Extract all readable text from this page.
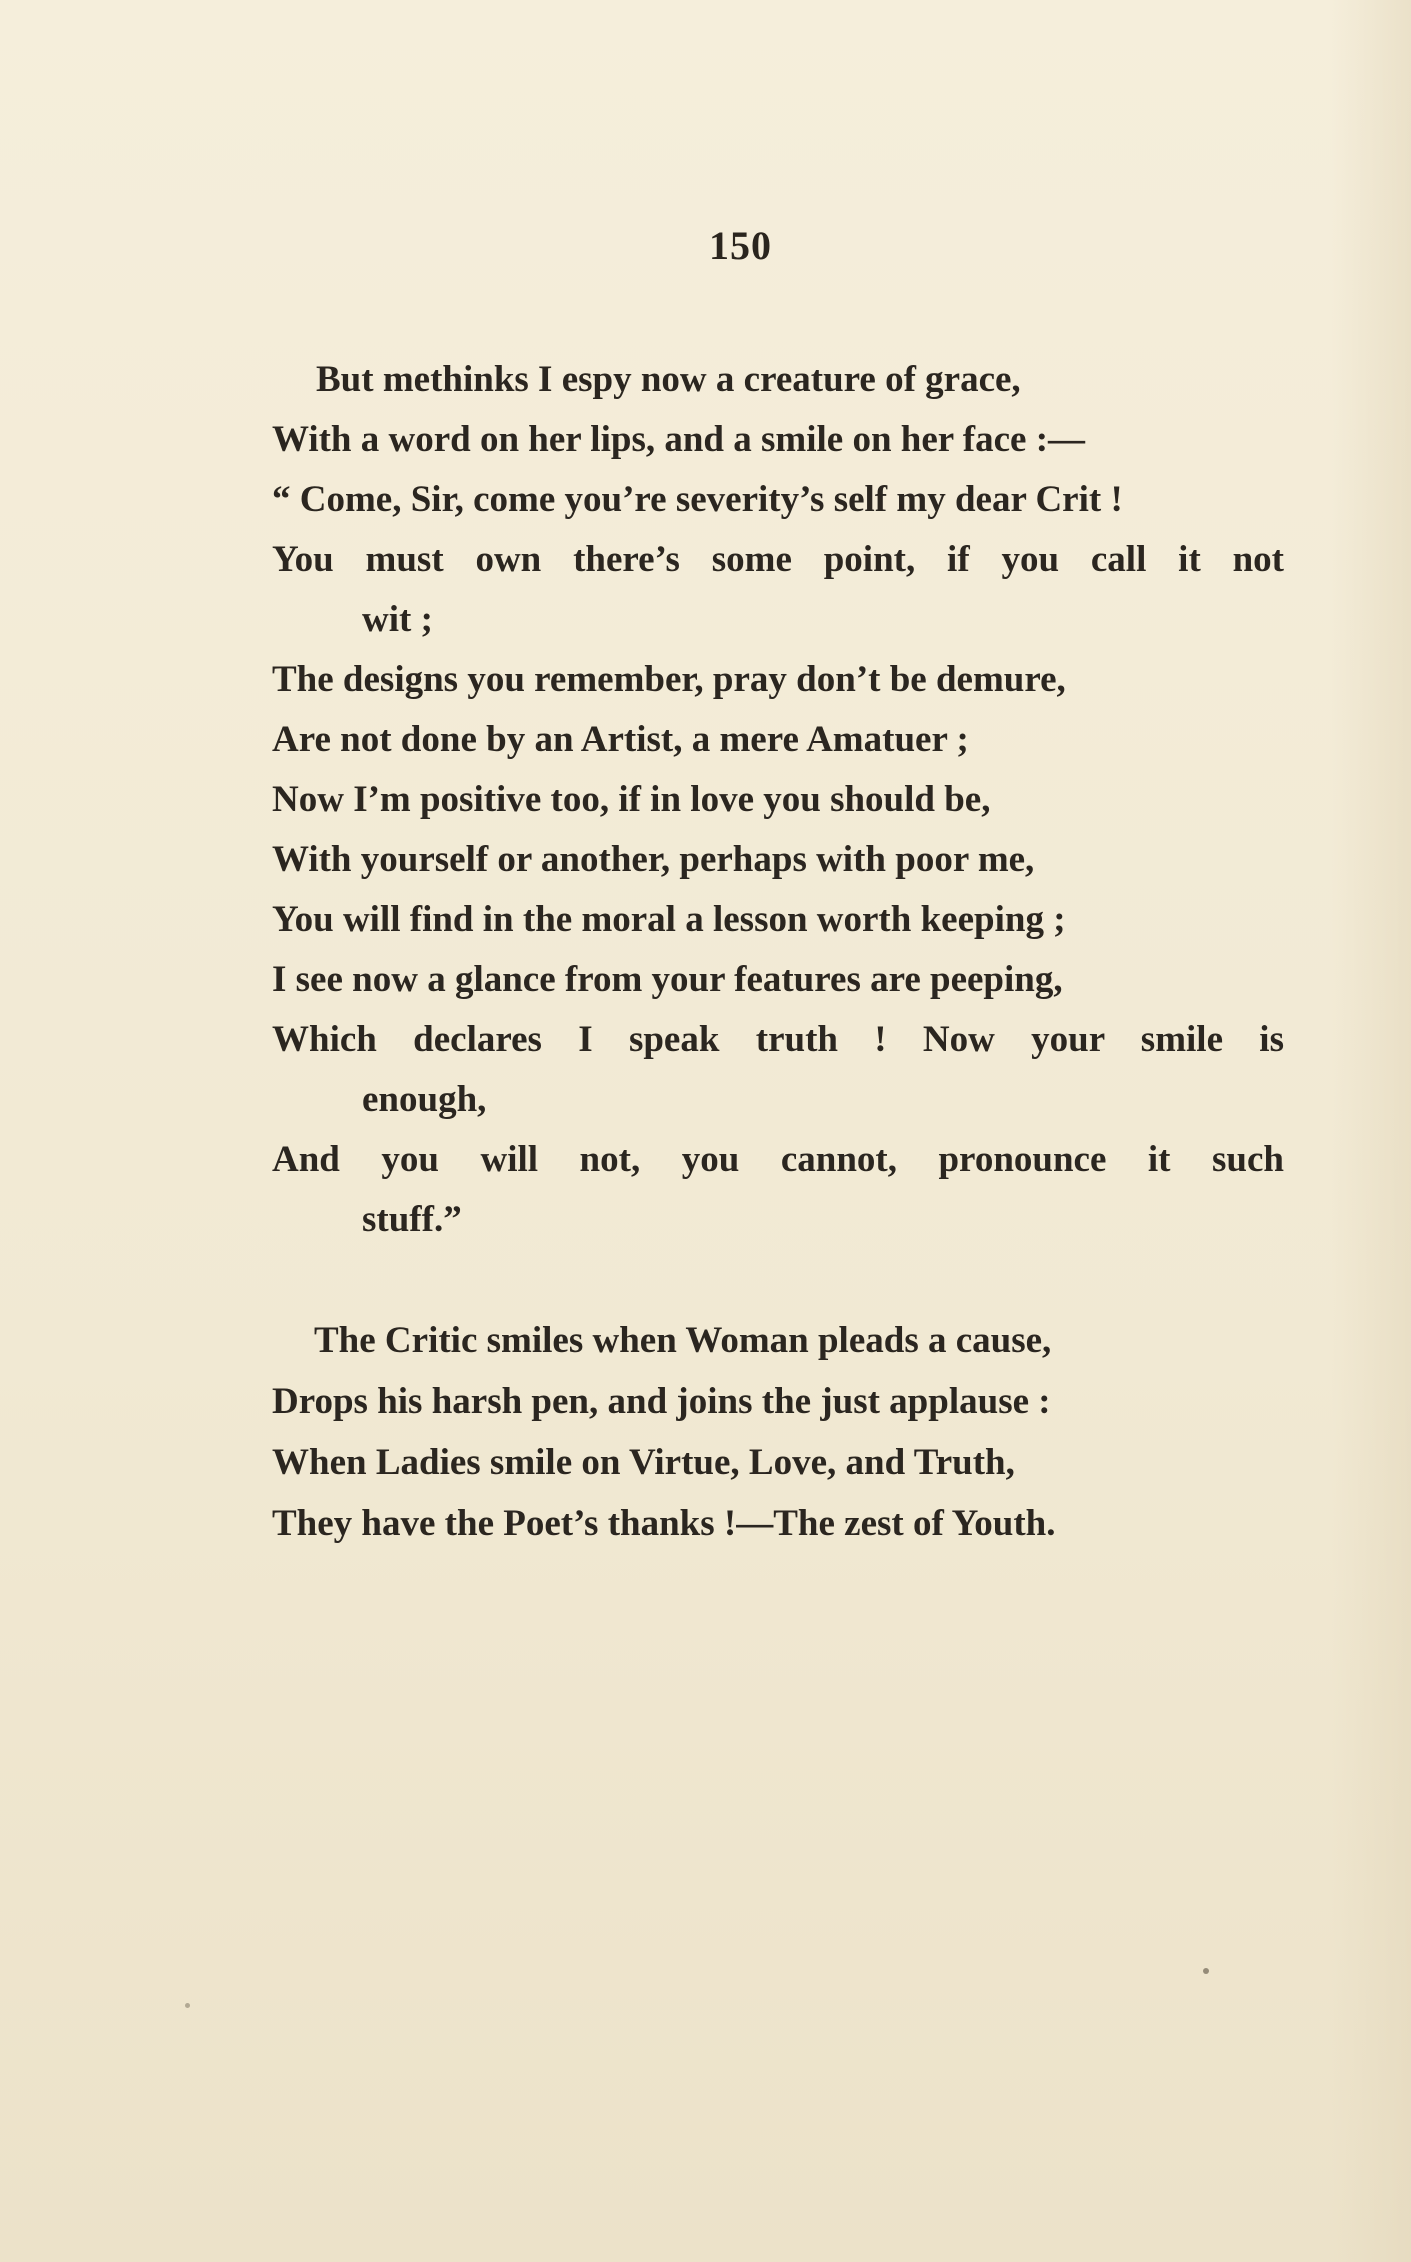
150
But methinks I espy now a creature of grace,
With a word on her lips, and a smile on her face :—
“ Come, Sir, come you’re severity’s self my dear Crit !
You must own there’s some point, if you call it not
wit ;
The designs you remember, pray don’t be demure,
Are not done by an Artist, a mere Amatuer ;
Now I’m positive too, if in love you should be,
With yourself or another, perhaps with poor me,
You will find in the moral a lesson worth keeping ;
I see now a glance from your features are peeping,
Which declares I speak truth ! Now your smile is
enough,
And you will not, you cannot, pronounce it such
stuff.”
The Critic smiles when Woman pleads a cause,
Drops his harsh pen, and joins the just applause :
When Ladies smile on Virtue, Love, and Truth,
They have the Poet’s thanks !—The zest of Youth.
